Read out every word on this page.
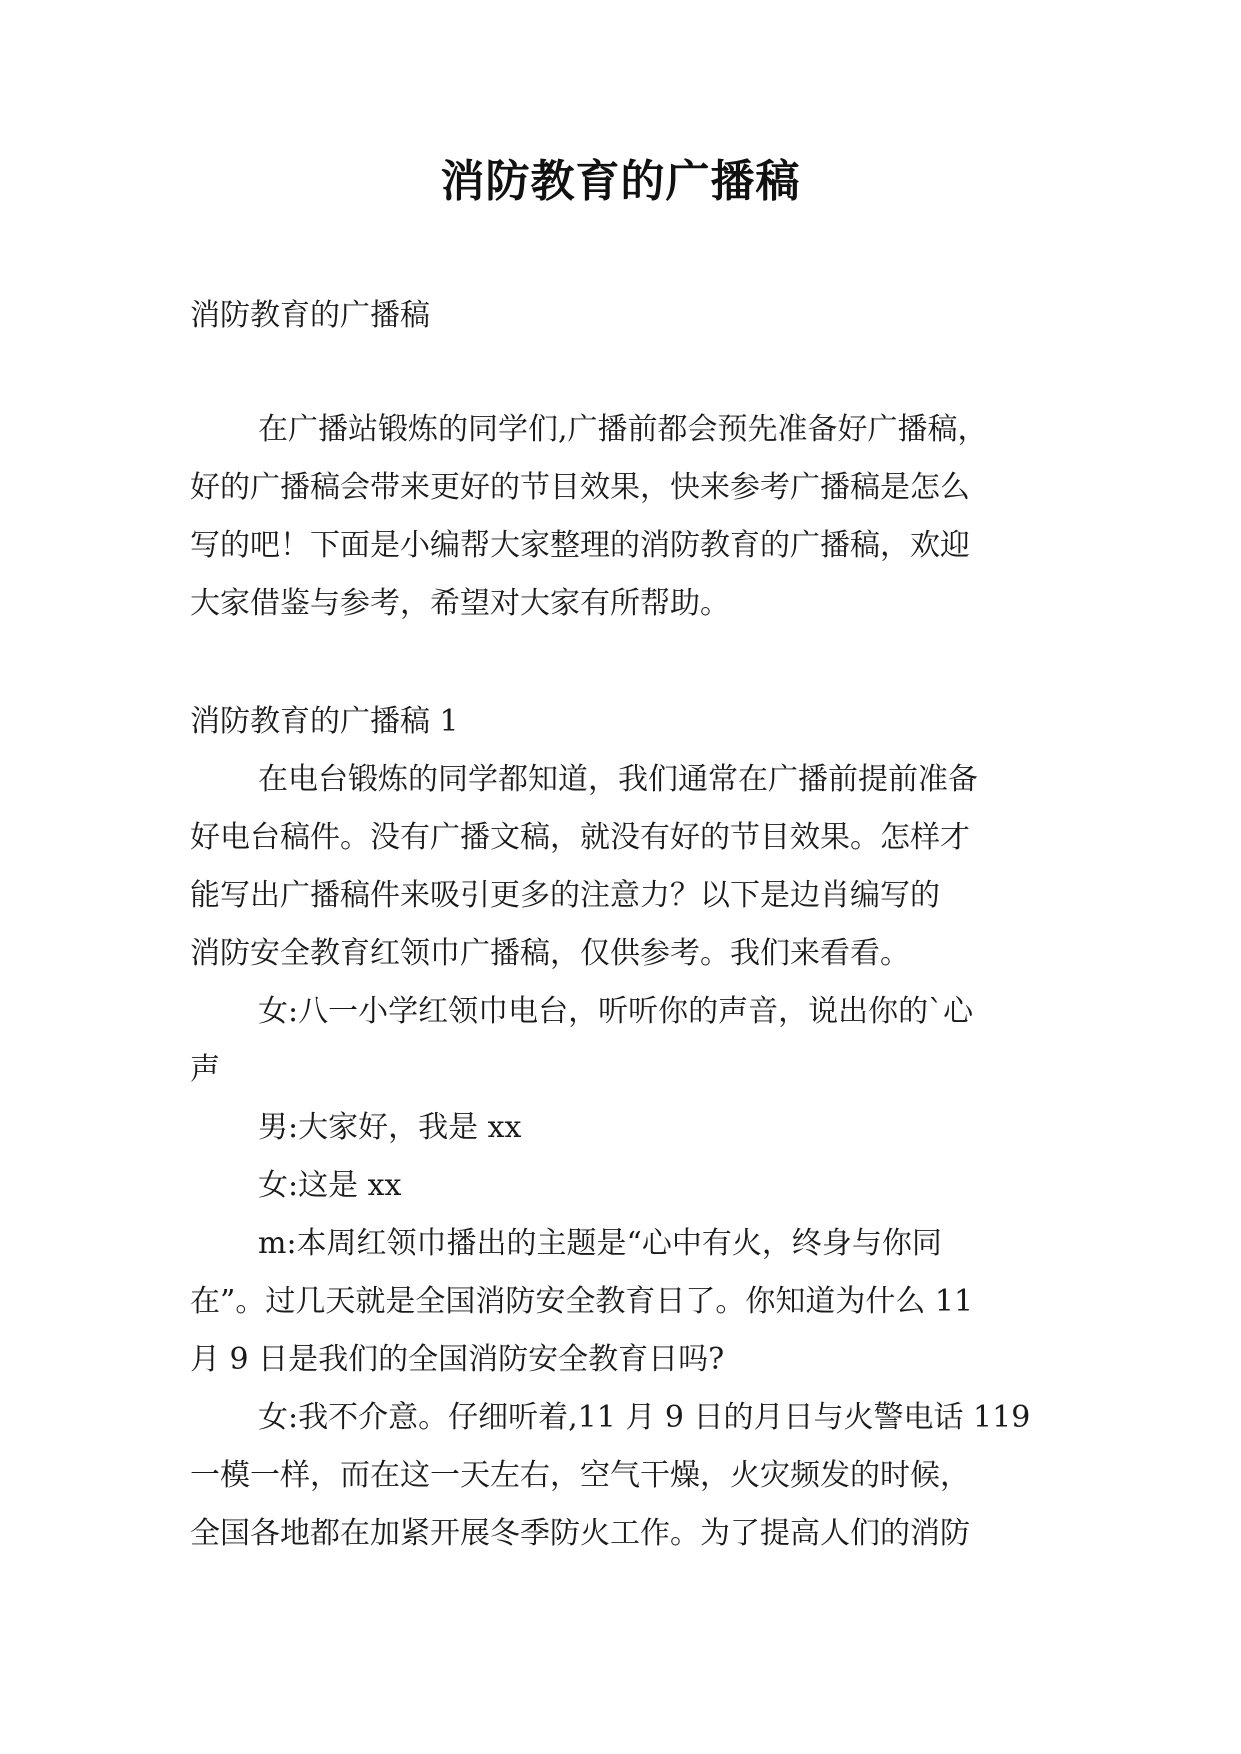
消防教育的广播稿
消防教育的广播稿
在广播站锻炼的同学们,广播前都会预先准备好广播稿，
好的广播稿会带来更好的节目效果，快来参考广播稿是怎么
写的吧！下面是小编帮大家整理的消防教育的广播稿，欢迎
大家借鉴与参考，希望对大家有所帮助。
消防教育的广播稿 1
在电台锻炼的同学都知道，我们通常在广播前提前准备
好电台稿件。没有广播文稿，就没有好的节目效果。怎样才
能写出广播稿件来吸引更多的注意力？以下是边肖编写的
消防安全教育红领巾广播稿，仅供参考。我们来看看。
女:八一小学红领巾电台，听听你的声音，说出你的`心
声
男:大家好，我是 xx
女:这是 xx
m:本周红领巾播出的主题是“心中有火，终身与你同
在”。过几天就是全国消防安全教育日了。你知道为什么 11
月 9 日是我们的全国消防安全教育日吗?
女:我不介意。仔细听着,11 月 9 日的月日与火警电话 119
一模一样，而在这一天左右，空气干燥，火灾频发的时候，
全国各地都在加紧开展冬季防火工作。为了提高人们的消防
